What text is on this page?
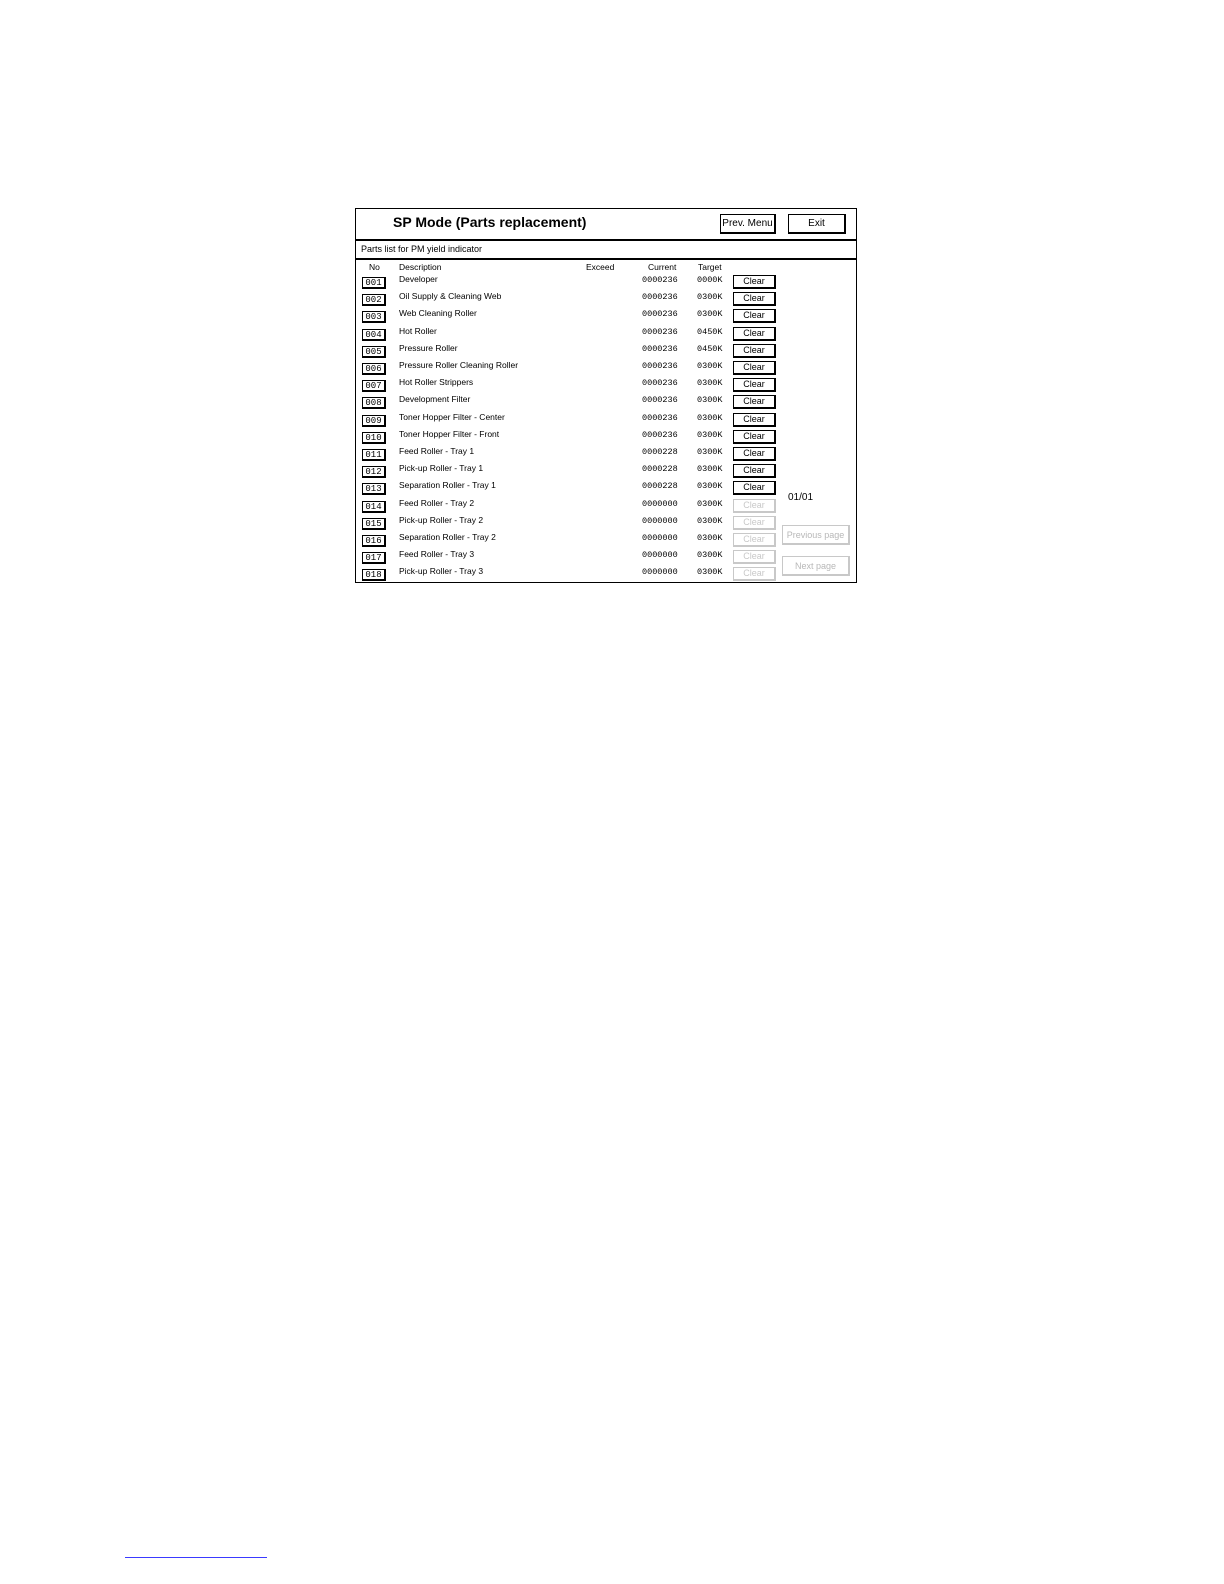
SP Mode (Parts replacement)	Prev. Menu	Exit
Parts list for PM yield indicator
No Description	Exceed	Current	Target
001	Developer	0000236 0000K	Clear
002	Oil Supply & Cleaning Web	0000236 0300K	Clear
003	Web Cleaning Roller	0000236 0300K	Clear
004	Hot Roller	0000236 0450K	Clear
005	Pressure Roller	0000236 0450K	Clear
006	Pressure Roller Cleaning Roller	0000236 0300K	Clear
007	Hot Roller Strippers	0000236 0300K	Clear
008	Development Filter	0000236 0300K	Clear
009	Toner Hopper Filter - Center	0000236 0300K	Clear
010	Toner Hopper Filter - Front	0000236 0300K	Clear
011	Feed Roller - Tray 1	0000228 0300K	Clear
012	Pick-up Roller - Tray 1	0000228 0300K	Clear
013	Separation Roller - Tray 1	0000228 0300K	Clear
014	Feed Roller - Tray 2	0000000 0300K	Clear
015	Pick-up Roller - Tray 2	0000000 0300K	Clear
016	Separation Roller - Tray 2	0000000 0300K	Clear
017	Feed Roller - Tray 3	0000000 0300K	Clear
018	Pick-up Roller - Tray 3	0000000 0300K	Clear
01/01
Previous page
Next page
